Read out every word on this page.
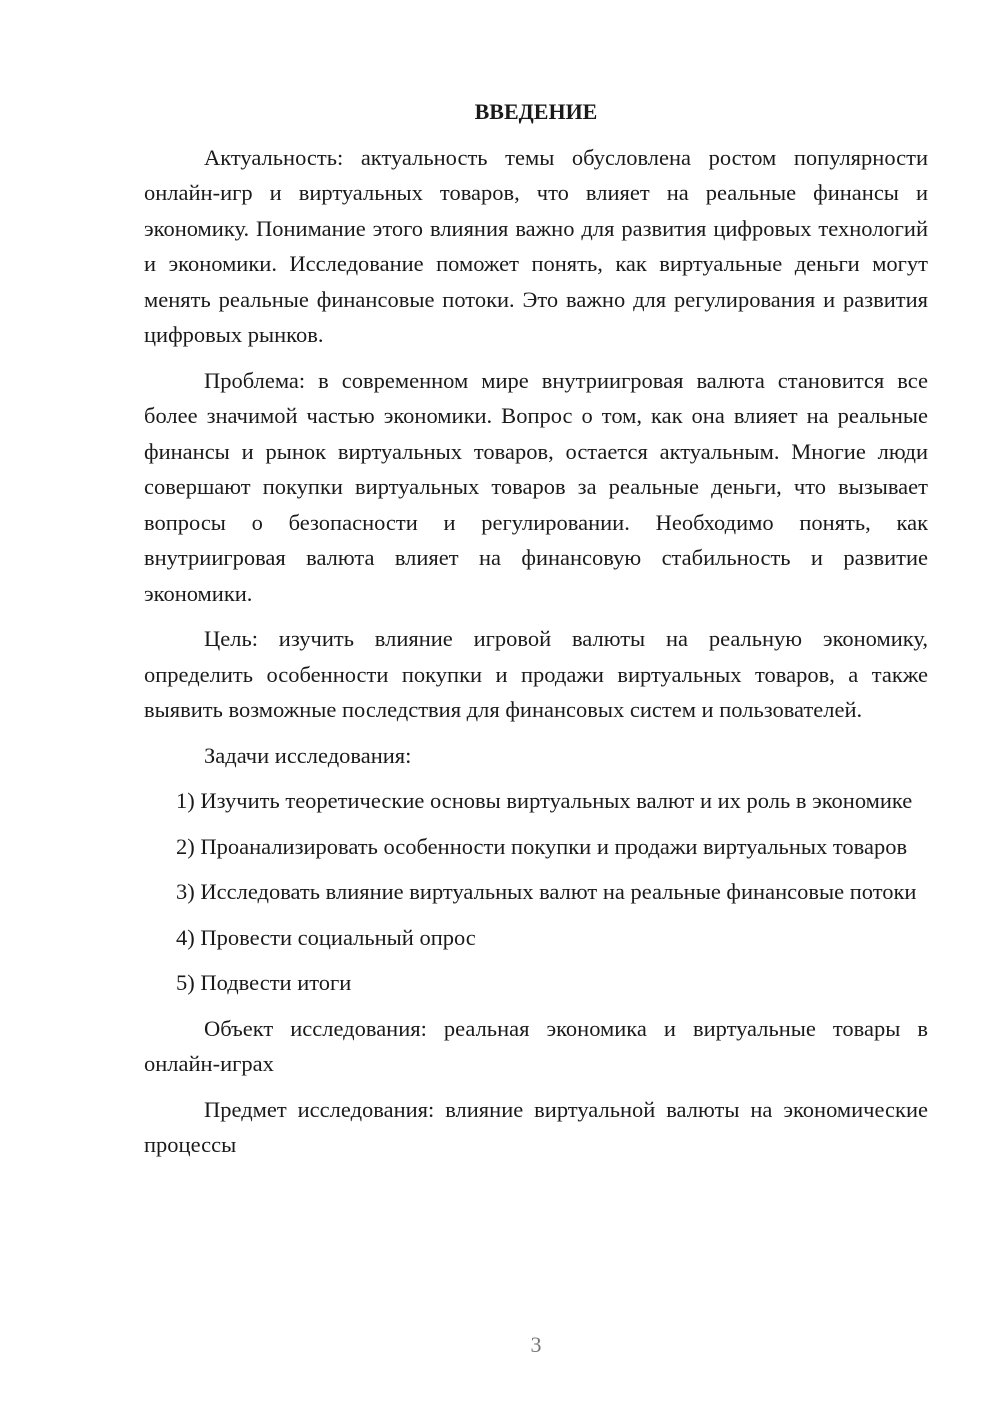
ВВЕДЕНИЕ

Актуальность: актуальность темы обусловлена ростом популярности онлайн-игр и виртуальных товаров, что влияет на реальные финансы и экономику. Понимание этого влияния важно для развития цифровых технологий и экономики. Исследование поможет понять, как виртуальные деньги могут менять реальные финансовые потоки. Это важно для регулирования и развития цифровых рынков.

Проблема: в современном мире внутриигровая валюта становится все более значимой частью экономики. Вопрос о том, как она влияет на реальные финансы и рынок виртуальных товаров, остается актуальным. Многие люди совершают покупки виртуальных товаров за реальные деньги, что вызывает вопросы о безопасности и регулировании. Необходимо понять, как внутриигровая валюта влияет на финансовую стабильность и развитие экономики.

Цель: изучить влияние игровой валюты на реальную экономику, определить особенности покупки и продажи виртуальных товаров, а также выявить возможные последствия для финансовых систем и пользователей.

Задачи исследования:

1) Изучить теоретические основы виртуальных валют и их роль в экономике

2) Проанализировать особенности покупки и продажи виртуальных товаров

3) Исследовать влияние виртуальных валют на реальные финансовые потоки

4) Провести социальный опрос

5) Подвести итоги

Объект исследования: реальная экономика и виртуальные товары в онлайн-играх

Предмет исследования: влияние виртуальной валюты на экономические процессы

3
